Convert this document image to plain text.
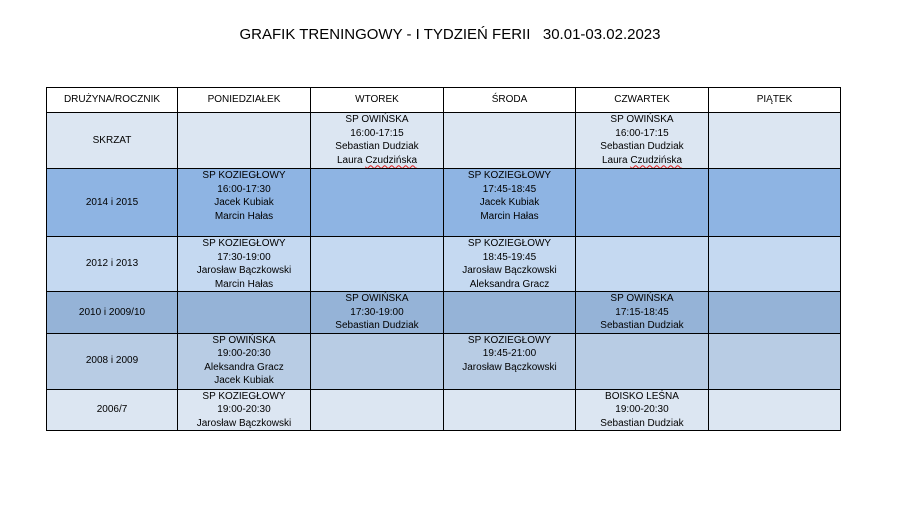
GRAFIK TRENINGOWY - I TYDZIEŃ FERII   30.01-03.02.2023
DRUŻYNA/ROCZNIK	PONIEDZIAŁEK	WTOREK	ŚRODA	CZWARTEK	PIĄTEK
SKRZAT		SP OWIŃSKA
16:00-17:15
Sebastian Dudziak
Laura Czudzińska		SP OWIŃSKA
16:00-17:15
Sebastian Dudziak
Laura Czudzińska	

2014 i 2015	SP KOZIEGŁOWY
16:00-17:30
Jacek Kubiak
Marcin Hałas		SP KOZIEGŁOWY
17:45-18:45
Jacek Kubiak
Marcin Hałas		

2012 i 2013	SP KOZIEGŁOWY
17:30-19:00
Jarosław Bączkowski
Marcin Hałas		SP KOZIEGŁOWY
18:45-19:45
Jarosław Bączkowski
Aleksandra Gracz		

2010 i 2009/10		SP OWIŃSKA
17:30-19:00
Sebastian Dudziak		SP OWIŃSKA
17:15-18:45
Sebastian Dudziak	

2008 i 2009	SP OWIŃSKA
19:00-20:30
Aleksandra Gracz
Jacek Kubiak		SP KOZIEGŁOWY
19:45-21:00
Jarosław Bączkowski		

2006/7	SP KOZIEGŁOWY
19:00-20:30
Jarosław Bączkowski			BOISKO LEŚNA
19:00-20:30
Sebastian Dudziak	
